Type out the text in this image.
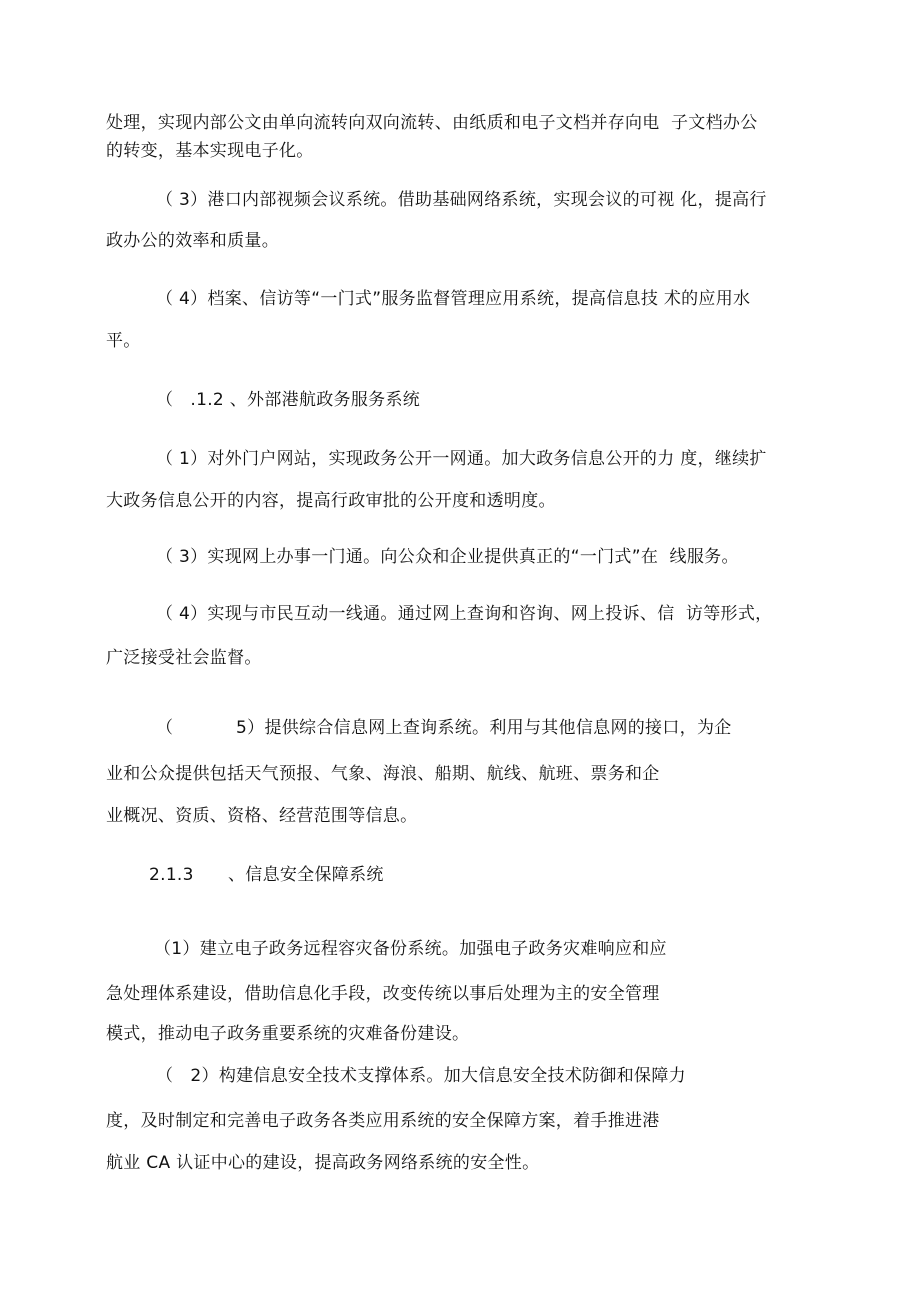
处理，实现内部公文由单向流转向双向流转、由纸质和电子文档并存向电  子文档办公
的转变，基本实现电子化。
（ 3）港口内部视频会议系统。借助基础网络系统，实现会议的可视 化，提高行
政办公的效率和质量。
（ 4）档案、信访等“一门式”服务监督管理应用系统，提高信息技 术的应用水
平。
（   .1.2 、外部港航政务服务系统
（ 1）对外门户网站，实现政务公开一网通。加大政务信息公开的力 度，继续扩
大政务信息公开的内容，提高行政审批的公开度和透明度。
（ 3）实现网上办事一门通。向公众和企业提供真正的“一门式”在  线服务。
（ 4）实现与市民互动一线通。通过网上查询和咨询、网上投诉、信  访等形式，
广泛接受社会监督。
（           5）提供综合信息网上查询系统。利用与其他信息网的接口，为企
业和公众提供包括天气预报、气象、海浪、船期、航线、航班、票务和企
业概况、资质、资格、经营范围等信息。
2.1.3      、信息安全保障系统
（1）建立电子政务远程容灾备份系统。加强电子政务灾难响应和应
急处理体系建设，借助信息化手段，改变传统以事后处理为主的安全管理
模式，推动电子政务重要系统的灾难备份建设。
（   2）构建信息安全技术支撑体系。加大信息安全技术防御和保障力
度，及时制定和完善电子政务各类应用系统的安全保障方案，着手推进港
航业 CA 认证中心的建设，提高政务网络系统的安全性。
